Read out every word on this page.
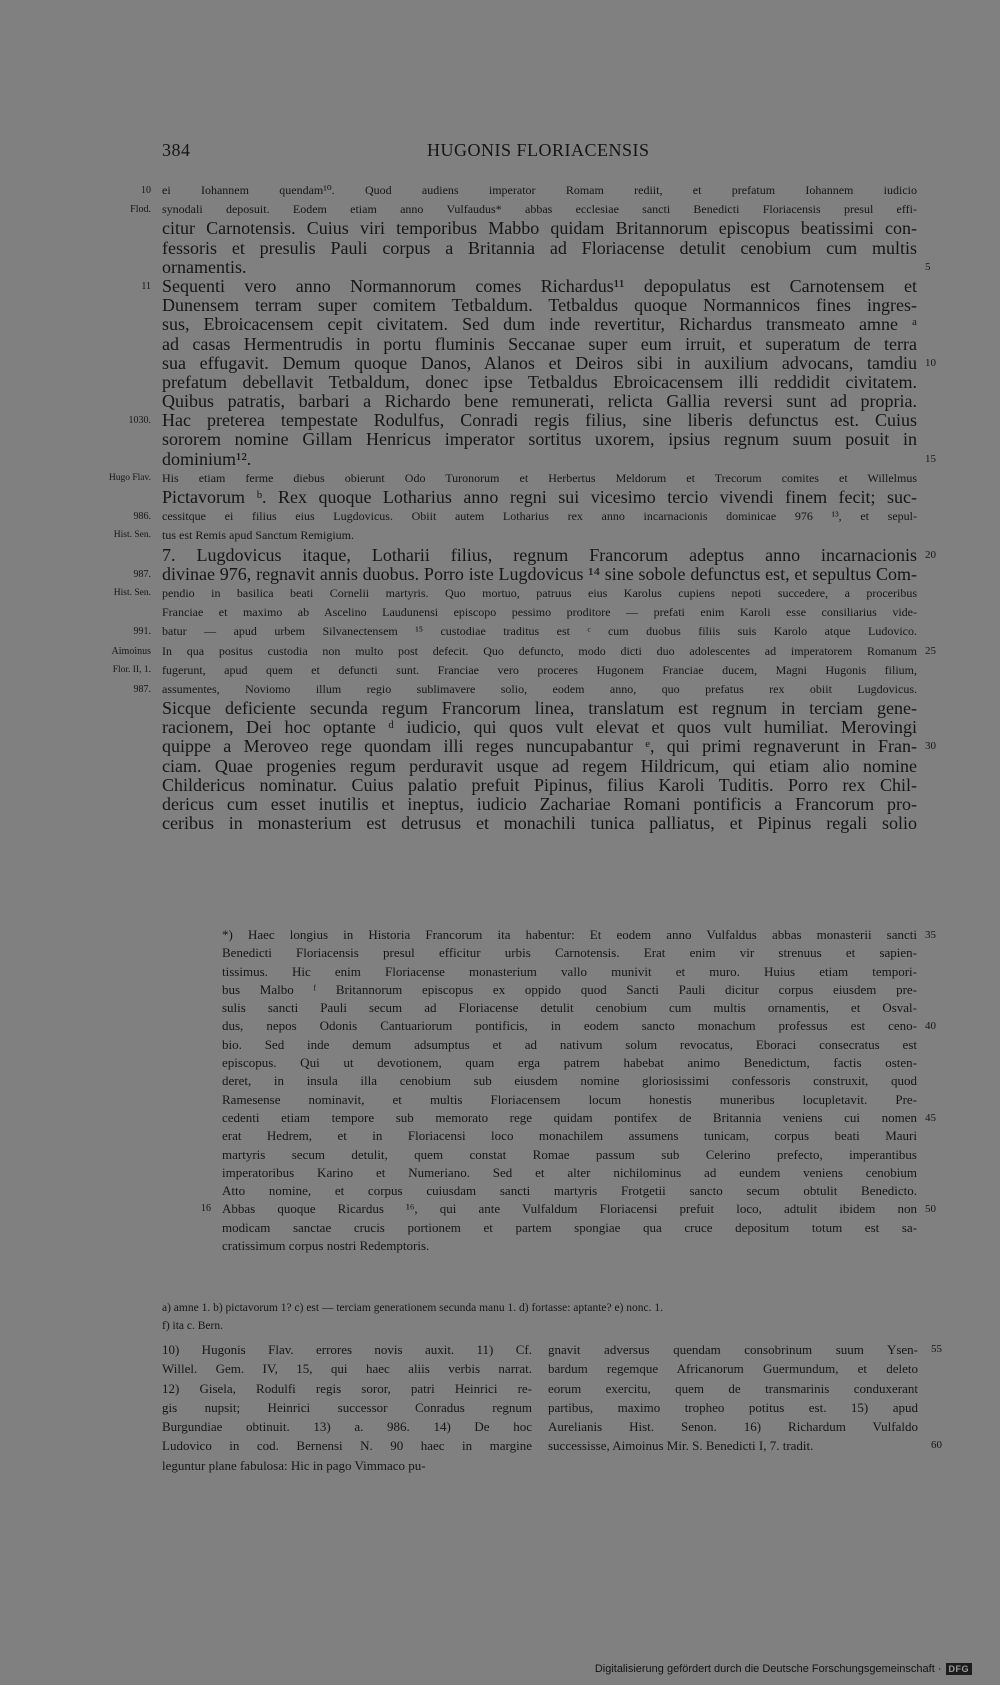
384	HUGONIS FLORIACENSIS
ei Iohannem quendam¹⁰. Quod audiens imperator Romam rediit, et prefatum Iohannem iudicio
10
synodali deposuit. Eodem etiam anno Vulfaudus* abbas ecclesiae sancti Benedicti Floriacensis presul effi-
Flod.
citur Carnotensis. Cuius viri temporibus Mabbo quidam Britannorum episcopus beatissimi con-
fessoris et presulis Pauli corpus a Britannia ad Floriacense detulit cenobium cum multis
ornamentis.	5
Sequenti vero anno Normannorum comes Richardus¹¹ depopulatus est Carnotensem et
11
Dunensem terram super comitem Tetbaldum. Tetbaldus quoque Normannicos fines ingres-
sus, Ebroicacensem cepit civitatem. Sed dum inde revertitur, Richardus transmeato amne ᵃ
ad casas Hermentrudis in portu fluminis Seccanae super eum irruit, et superatum de terra
sua effugavit. Demum quoque Danos, Alanos et Deiros sibi in auxilium advocans, tamdiu 10
prefatum debellavit Tetbaldum, donec ipse Tetbaldus Ebroicacensem illi reddidit civitatem.
Quibus patratis, barbari a Richardo bene remunerati, relicta Gallia reversi sunt ad propria.
Hac preterea tempestate Rodulfus, Conradi regis filius, sine liberis defunctus est. Cuius
1030.
sororem nomine Gillam Henricus imperator sortitus uxorem, ipsius regnum suum posuit in
dominium¹².	15
His etiam ferme diebus obierunt Odo Turonorum et Herbertus Meldorum et Trecorum comites et Willelmus
Hugo Flav.
Pictavorum ᵇ. Rex quoque Lotharius anno regni sui vicesimo tercio vivendi finem fecit; suc-
cessitque ei filius eius Lugdovicus. Obiit autem Lotharius rex anno incarnacionis dominicae 976 ¹³, et sepul-
986.
tus est Remis apud Sanctum Remigium.
Hist. Sen.
7. Lugdovicus itaque, Lotharii filius, regnum Francorum adeptus anno incarnacionis 20
divinae 976, regnavit annis duobus. Porro iste Lugdovicus ¹⁴ sine sobole defunctus est, et sepultus Com-
987.
pendio in basilica beati Cornelii martyris. Quo mortuo, patruus eius Karolus cupiens nepoti succedere, a proceribus
Hist. Sen.
Franciae et maximo ab Ascelino Laudunensi episcopo pessimo proditore — prefati enim Karoli esse consiliarius vide-
batur — apud urbem Silvanectensem ¹⁵ custodiae traditus est ᶜ cum duobus filiis suis Karolo atque Ludovico.
991.
In qua positus custodia non multo post defecit. Quo defuncto, modo dicti duo adolescentes ad imperatorem Romanum
Aimoinus	25
fugerunt, apud quem et defuncti sunt. Franciae vero proceres Hugonem Franciae ducem, Magni Hugonis filium,
Flor. II, 1.
assumentes, Noviomo illum regio sublimavere solio, eodem anno, quo prefatus rex obiit Lugdovicus.
987.
Sicque deficiente secunda regum Francorum linea, translatum est regnum in terciam gene-
racionem, Dei hoc optante ᵈ iudicio, qui quos vult elevat et quos vult humiliat. Merovingi
quippe a Meroveo rege quondam illi reges nuncupabantur ᵉ, qui primi regnaverunt in Fran- 30
ciam. Quae progenies regum perduravit usque ad regem Hildricum, qui etiam alio nomine
Childericus nominatur. Cuius palatio prefuit Pipinus, filius Karoli Tuditis. Porro rex Chil-
dericus cum esset inutilis et ineptus, iudicio Zachariae Romani pontificis a Francorum pro-
ceribus in monasterium est detrusus et monachili tunica palliatus, et Pipinus regali solio
*) Haec longius in Historia Francorum ita habentur: Et eodem anno Vulfaldus abbas monasterii sancti 35
Benedicti Floriacensis presul efficitur urbis Carnotensis. Erat enim vir strenuus et sapien-
tissimus. Hic enim Floriacense monasterium vallo munivit et muro. Huius etiam tempori-
bus Malbo ᶠ Britannorum episcopus ex oppido quod Sancti Pauli dicitur corpus eiusdem pre-
sulis sancti Pauli secum ad Floriacense detulit cenobium cum multis ornamentis, et Osval-
dus, nepos Odonis Cantuariorum pontificis, in eodem sancto monachum professus est ceno- 40
bio. Sed inde demum adsumptus et ad nativum solum revocatus, Eboraci consecratus est
episcopus. Qui ut devotionem, quam erga patrem habebat animo Benedictum, factis osten-
deret, in insula illa cenobium sub eiusdem nomine gloriosissimi confessoris construxit, quod
Ramesense nominavit, et multis Floriacensem locum honestis muneribus locupletavit. Pre-
cedenti etiam tempore sub memorato rege quidam pontifex de Britannia veniens cui nomen 45
erat Hedrem, et in Floriacensi loco monachilem assumens tunicam, corpus beati Mauri
martyris secum detulit, quem constat Romae passum sub Celerino prefecto, imperantibus
imperatoribus Karino et Numeriano. Sed et alter nichilominus ad eundem veniens cenobium
Atto nomine, et corpus cuiusdam sancti martyris Frotgetii sancto secum obtulit Benedicto.
Abbas quoque Ricardus ¹⁶, qui ante Vulfaldum Floriacensi prefuit loco, adtulit ibidem non
16	50
modicam sanctae crucis portionem et partem spongiae qua cruce depositum totum est sa-
cratissimum corpus nostri Redemptoris.
a) amne 1. b) pictavorum 1? c) est — terciam generationem secunda manu 1. d) fortasse: aptante? e) nonc. 1.
f) ita c. Bern.
10) Hugonis Flav. errores novis auxit. 11) Cf.
Willel. Gem. IV, 15, qui haec aliis verbis narrat.
12) Gisela, Rodulfi regis soror, patri Heinrici re-
gis nupsit; Heinrici successor Conradus regnum
Burgundiae obtinuit. 13) a. 986. 14) De hoc
Ludovico in cod. Bernensi N. 90 haec in margine
leguntur plane fabulosa: Hic in pago Vimmaco pu-
gnavit adversus quendam consobrinum suum Ysen- 55
bardum regemque Africanorum Guermundum, et deleto
eorum exercitu, quem de transmarinis conduxerant
partibus, maximo tropheo potitus est. 15) apud
Aurelianis Hist. Senon. 16) Richardum Vulfaldo
successisse, Aimoinus Mir. S. Benedicti I, 7. tradit.	60
Digitalisierung gefördert durch die Deutsche Forschungsgemeinschaft · DFG
